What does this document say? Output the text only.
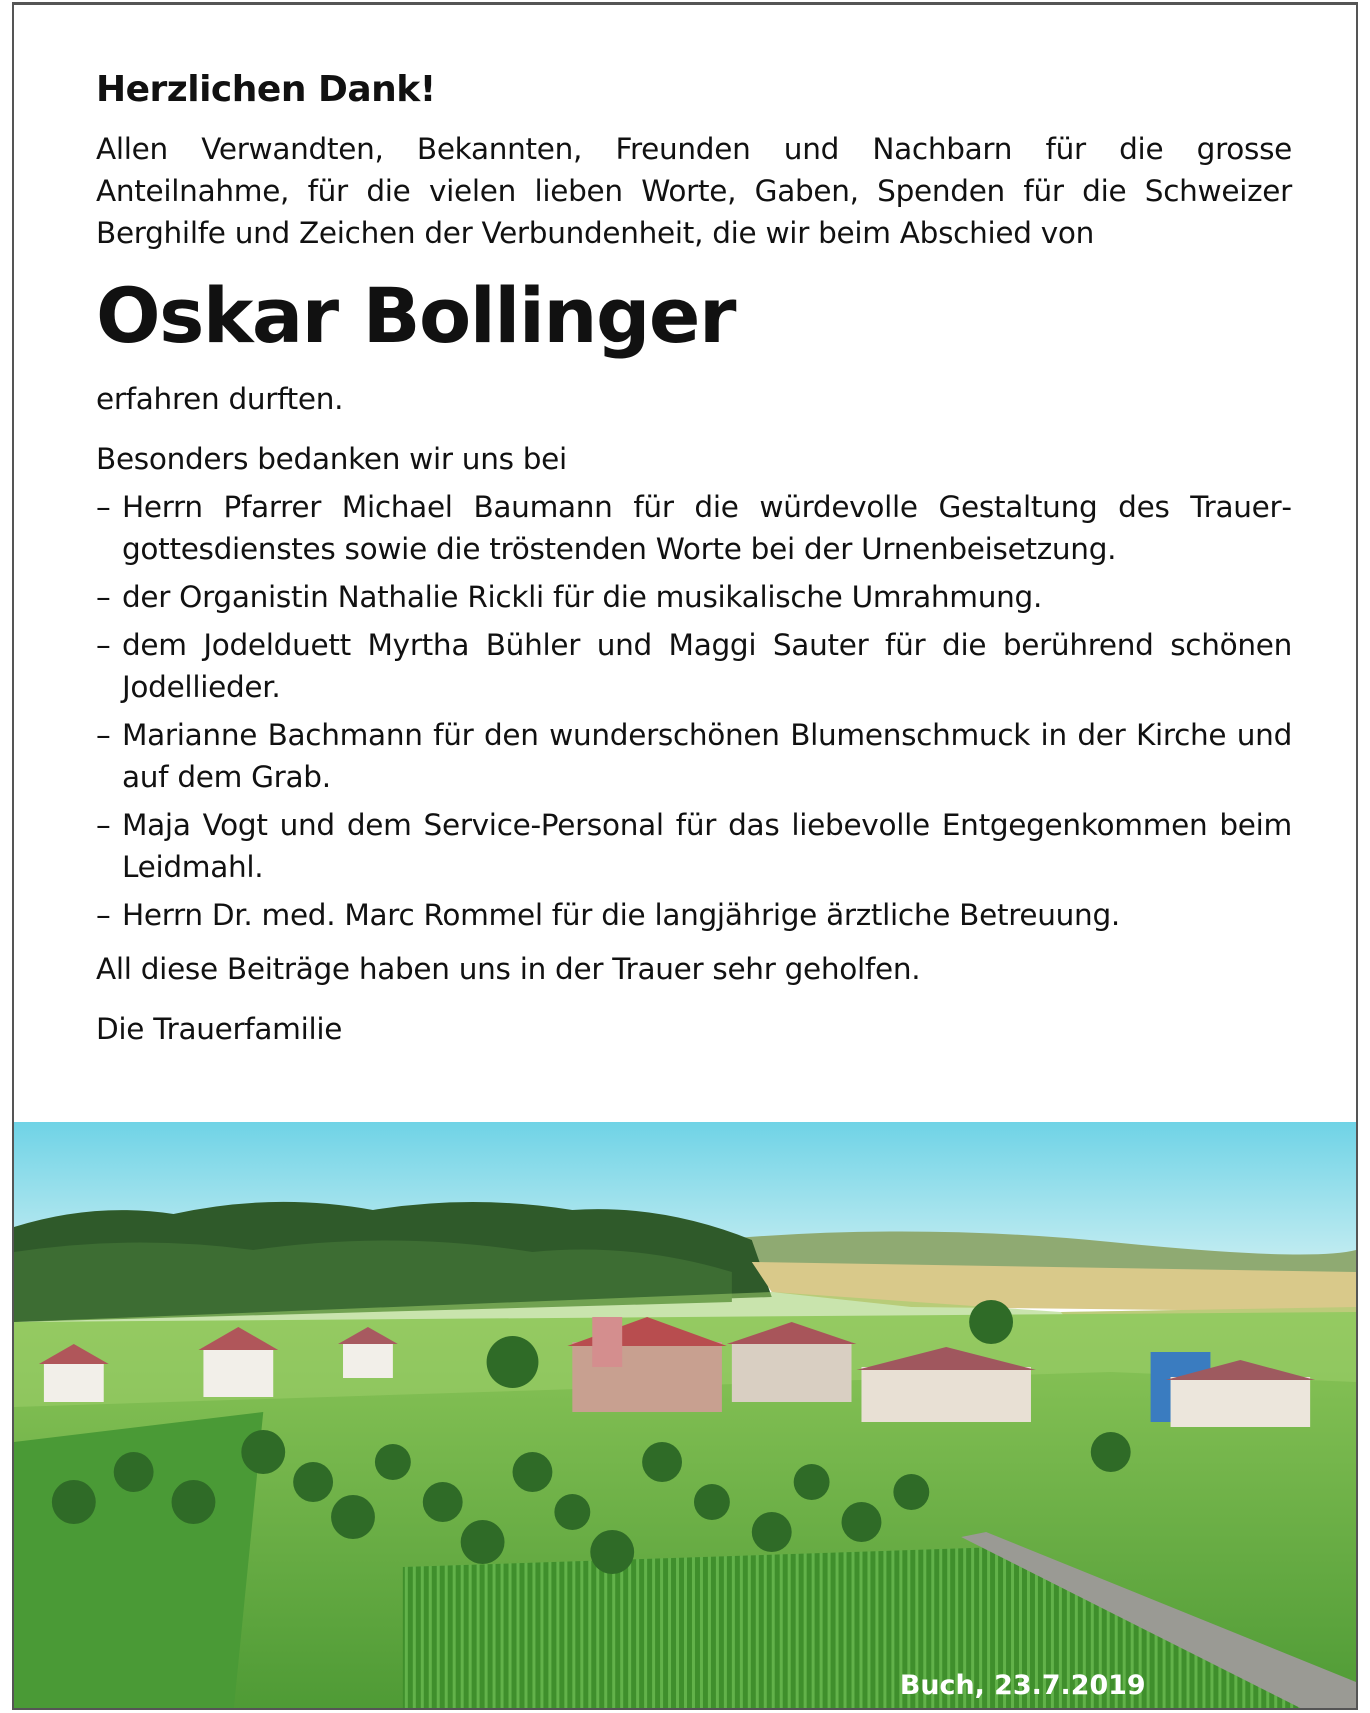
Herzlichen Dank!

Allen Verwandten, Bekannten, Freunden und Nachbarn für die grosse Anteilnahme, für die vielen lieben Worte, Gaben, Spenden für die Schweizer Berghilfe und Zeichen der Verbundenheit, die wir beim Abschied von

Oskar Bollinger

erfahren durften.

Besonders bedanken wir uns bei

– Herrn Pfarrer Michael Baumann für die würdevolle Gestaltung des Trauergottesdienstes sowie die tröstenden Worte bei der Urnenbeisetzung.
– der Organistin Nathalie Rickli für die musikalische Umrahmung.
– dem Jodelduett Myrtha Bühler und Maggi Sauter für die berührend schönen Jodellieder.
– Marianne Bachmann für den wunderschönen Blumenschmuck in der Kirche und auf dem Grab.
– Maja Vogt und dem Service-Personal für das liebevolle Entgegenkommen beim Leidmahl.
– Herrn Dr. med. Marc Rommel für die langjährige ärztliche Betreuung.

All diese Beiträge haben uns in der Trauer sehr geholfen.

Die Trauerfamilie

Buch, 23.7.2019
